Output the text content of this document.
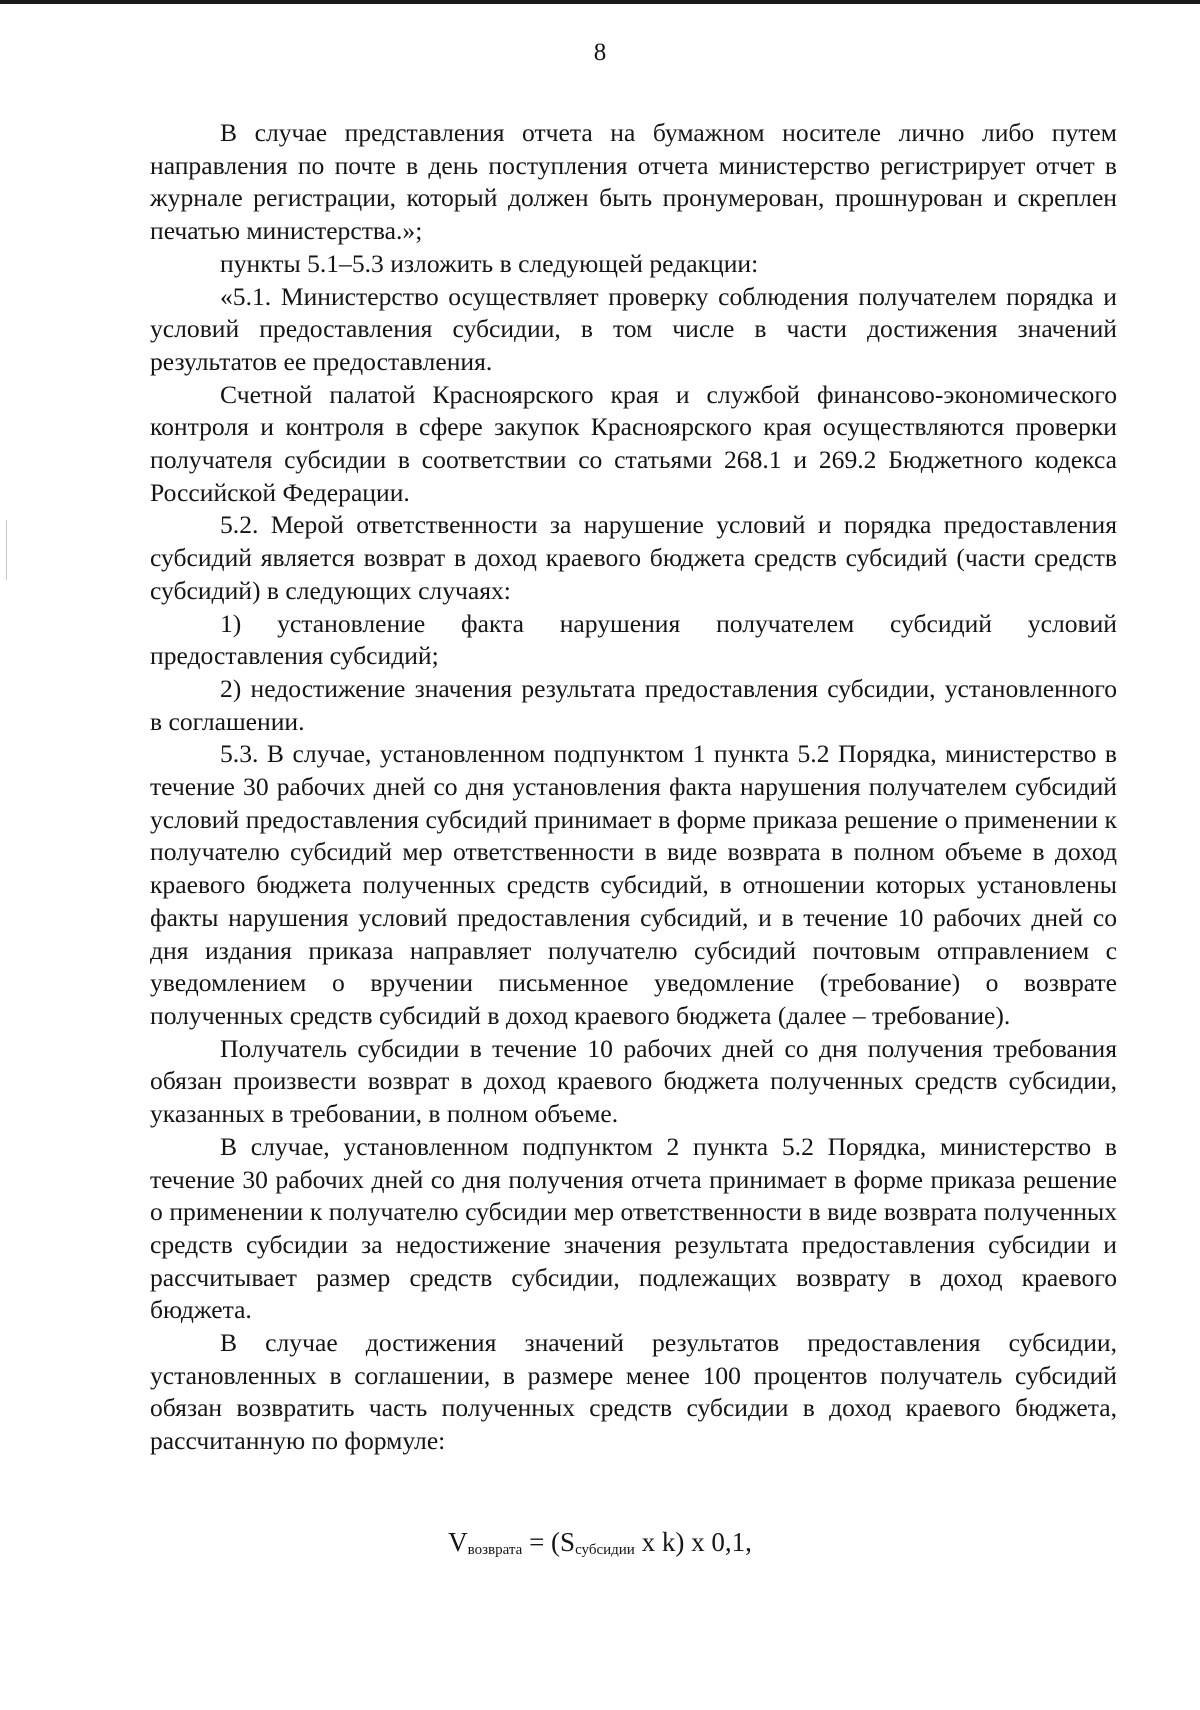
8

В случае представления отчета на бумажном носителе лично либо путем направления по почте в день поступления отчета министерство регистрирует отчет в журнале регистрации, который должен быть пронумерован, прошнурован и скреплен печатью министерства.»;

пункты 5.1–5.3 изложить в следующей редакции:

«5.1. Министерство осуществляет проверку соблюдения получателем порядка и условий предоставления субсидии, в том числе в части достижения значений результатов ее предоставления.

Счетной палатой Красноярского края и службой финансово-экономического контроля и контроля в сфере закупок Красноярского края осуществляются проверки получателя субсидии в соответствии со статьями 268.1 и 269.2 Бюджетного кодекса Российской Федерации.

5.2. Мерой ответственности за нарушение условий и порядка предоставления субсидий является возврат в доход краевого бюджета средств субсидий (части средств субсидий) в следующих случаях:

1) установление факта нарушения получателем субсидий условий предоставления субсидий;

2) недостижение значения результата предоставления субсидии, установленного в соглашении.

5.3. В случае, установленном подпунктом 1 пункта 5.2 Порядка, министерство в течение 30 рабочих дней со дня установления факта нарушения получателем субсидий условий предоставления субсидий принимает в форме приказа решение о применении к получателю субсидий мер ответственности в виде возврата в полном объеме в доход краевого бюджета полученных средств субсидий, в отношении которых установлены факты нарушения условий предоставления субсидий, и в течение 10 рабочих дней со дня издания приказа направляет получателю субсидий почтовым отправлением с уведомлением о вручении письменное уведомление (требование) о возврате полученных средств субсидий в доход краевого бюджета (далее – требование).

Получатель субсидии в течение 10 рабочих дней со дня получения требования обязан произвести возврат в доход краевого бюджета полученных средств субсидии, указанных в требовании, в полном объеме.

В случае, установленном подпунктом 2 пункта 5.2 Порядка, министерство в течение 30 рабочих дней со дня получения отчета принимает в форме приказа решение о применении к получателю субсидии мер ответственности в виде возврата полученных средств субсидии за недостижение значения результата предоставления субсидии и рассчитывает размер средств субсидии, подлежащих возврату в доход краевого бюджета.

В случае достижения значений результатов предоставления субсидии, установленных в соглашении, в размере менее 100 процентов получатель субсидий обязан возвратить часть полученных средств субсидии в доход краевого бюджета, рассчитанную по формуле:

$V_{возврата} = (S_{субсидии}$ x k) x 0,1,
